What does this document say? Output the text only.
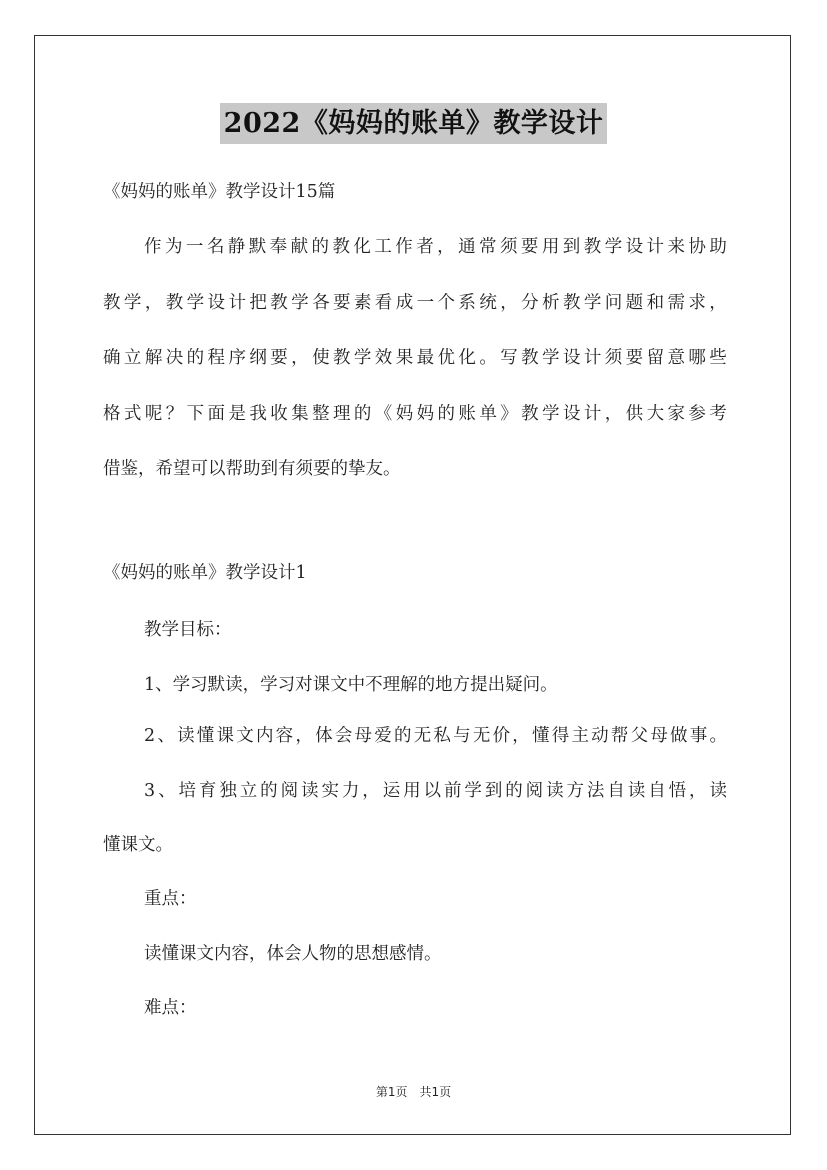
2022《妈妈的账单》教学设计
《妈妈的账单》教学设计15篇
作 为 一 名 静 默 奉 献 的 教 化 工 作 者 ， 通 常 须 要 用 到 教 学 设 计 来 协 助
教 学 ， 教 学 设 计 把 教 学 各 要 素 看 成 一 个 系 统 ， 分 析 教 学 问 题 和 需 求 ，
确 立 解 决 的 程 序 纲 要 ， 使 教 学 效 果 最 优 化 。 写 教 学 设 计 须 要 留 意 哪 些
格 式 呢 ？ 下 面 是 我 收 集 整 理 的 《 妈 妈 的 账 单 》 教 学 设 计 ， 供 大 家 参 考
借鉴，希望可以帮助到有须要的挚友。
《妈妈的账单》教学设计1
教学目标：
1、学习默读，学习对课文中不理解的地方提出疑问。
2 、 读 懂 课 文 内 容 ， 体 会 母 爱 的 无 私 与 无 价 ， 懂 得 主 动 帮 父 母 做 事 。
3 、 培 育 独 立 的 阅 读 实 力 ， 运 用 以 前 学 到 的 阅 读 方 法 自 读 自 悟 ， 读
懂课文。
重点：
读懂课文内容，体会人物的思想感情。
难点：
第1页　共1页
